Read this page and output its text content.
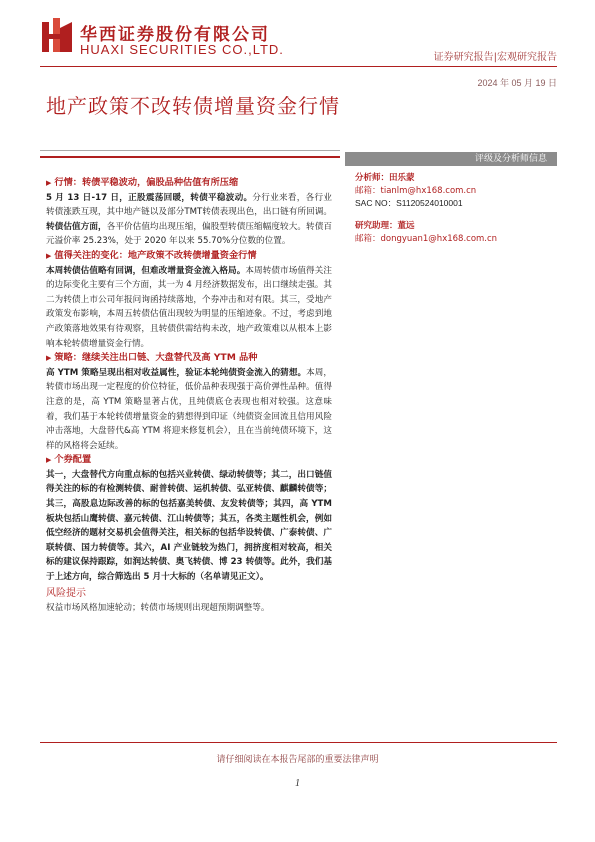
华西证券股份有限公司
HUAXI SECURITIES CO.,LTD.
证券研究报告|宏观研究报告
2024 年 05 月 19 日
地产政策不改转债增量资金行情
评级及分析师信息
分析师：田乐蒙
邮箱：tianlm@hx168.com.cn
SAC NO：S1120524010001
研究助理：董远
邮箱：dongyuan1@hx168.com.cn
▶ 行情：转债平稳波动，偏股品种估值有所压缩

5 月 13 日-17 日，正股震荡回暖，转债平稳波动。分行业来看，各行业转债涨跌互现，其中地产链以及部分TMT转债表现出色，出口链有所回调。转债估值方面，各平价估值均出现压缩，偏股型转债压缩幅度较大。转债百元溢价率 25.23%，处于 2020 年以来 55.70%分位数的位置。

▶ 值得关注的变化：地产政策不改转债增量资金行情

本周转债估值略有回调，但难改增量资金流入格局。本周转债市场值得关注的边际变化主要有三个方面，其一为 4 月经济数据发布，出口继续走强。其二为转债上市公司年报问询函持续落地，个券冲击和对有限。其三，受地产政策发布影响，本周五转债估值出现较为明显的压缩迹象。不过，考虑到地产政策落地效果有待观察，且转债供需结构未改，地产政策难以从根本上影响本轮转债增量资金行情。

▶ 策略：继续关注出口链、大盘替代及高 YTM 品种

高 YTM 策略呈现出相对收益属性，验证本轮纯债资金流入的猜想。本周，转债市场出现一定程度的价位特征，低价品种表现强于高价弹性品种。值得注意的是，高 YTM 策略显著占优，且纯债底仓表现也相对较强。这意味着，我们基于本轮转债增量资金的猜想得到印证（纯债资金回流且信用风险冲击落地，大盘替代&高 YTM 将迎来修复机会），且在当前纯债环境下，这样的风格将会延续。

▶ 个券配置

其一，大盘替代方向重点标的包括兴业转债、绿动转债等；其二，出口链值得关注的标的有检测转债、耐普转债、运机转债、弘亚转债、麒麟转债等；其三，高股息边际改善的标的包括嘉美转债、友发转债等；其四，高 YTM 板块包括山鹰转债、嘉元转债、江山转债等；其五，各类主题性机会，例如低空经济的题材交易机会值得关注，相关标的包括华设转债、广泰转债、广联转债、国力转债等。其六，AI 产业链较为热门，拥挤度相对较高，相关标的建议保持跟踪，如润达转债、奥飞转债、博 23 转债等。此外，我们基于上述方向，综合筛选出 5 月十大标的（名单请见正文）。

风险提示

权益市场风格加速轮动；转债市场规则出现超预期调整等。

请仔细阅读在本报告尾部的重要法律声明
1
